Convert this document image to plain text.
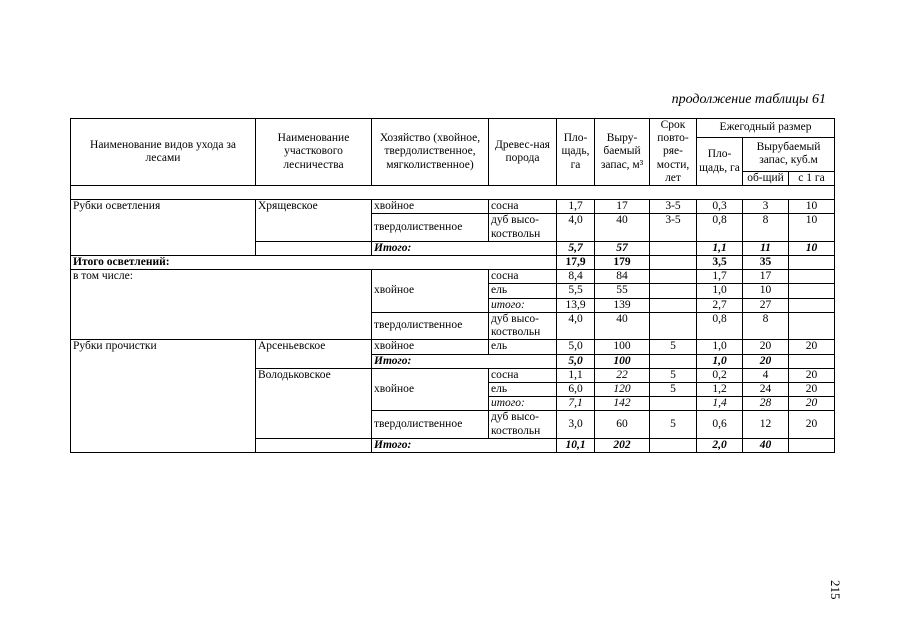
продолжение таблицы 61
Наименование видов ухода за лесами	Наименование участкового лесничества	Хозяйство (хвойное, твердолиственное, мягколиственное)	Древес-ная порода	Пло-щадь, га	Выру-баемый запас, м³	Срок повто-ряе-мости, лет	Ежегодный размер		
							Пло-щадь, га	Вырубаемый запас, куб.м	
								об-щий	с 1 га

Рубки осветления	Хрящевское	хвойное	сосна	1,7	17	3-5	0,3	3	10
		твердолиственное	дуб высо-коствольн	4,0	40	3-5	0,8	8	10
		Итого:		5,7	57		1,1	11	10
Итого осветлений:				17,9	179		3,5	35	
в том числе:		хвойное	сосна	8,4	84		1,7	17	
			ель	5,5	55		1,0	10	
			итого:	13,9	139		2,7	27	
		твердолиственное	дуб высо-коствольн	4,0	40		0,8	8	
Рубки прочистки	Арсеньевское	хвойное	ель	5,0	100	5	1,0	20	20
		Итого:		5,0	100		1,0	20	
	Володьковское	хвойное	сосна	1,1	22	5	0,2	4	20
			ель	6,0	120	5	1,2	24	20
			итого:	7,1	142		1,4	28	20
		твердолиственное	дуб высо-коствольн	3,0	60	5	0,6	12	20
		Итого:		10,1	202		2,0	40	
215
